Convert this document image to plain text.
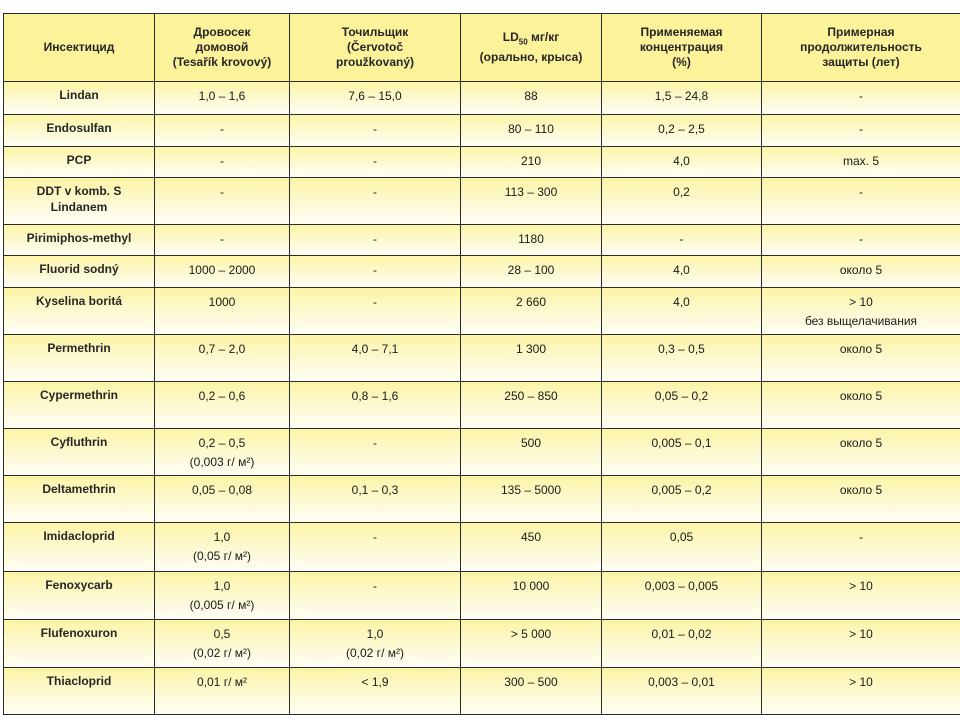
Инсектицид	Дровосек
домовой
(Tesařík krovový)	Точильщик
(Červotoč
proužkovaný)	$LD_{50}$ мг/кг
(орально, крыса)	Применяемая
концентрация
(%)	Примерная
продолжительность
защиты (лет)

Lindan	1,0 – 1,6	7,6 – 15,0	88	1,5 – 24,8	-

Endosulfan	-	-	80 – 110	0,2 – 2,5	-

PCP	-	-	210	4,0	max. 5

DDT v komb. S Lindanem	-	-	113 – 300	0,2	-

Pirimiphos-methyl	-	-	1180	-	-

Fluorid sodný	1000 – 2000	-	28 – 100	4,0	около 5

Kyselina boritá	1000	-	2 660	4,0	> 10
без выщелачивания

Permethrin	0,7 – 2,0	4,0 – 7,1	1 300	0,3 – 0,5	около 5

Cypermethrin	0,2 – 0,6	0,8 – 1,6	250 – 850	0,05 – 0,2	около 5

Cyfluthrin	0,2 – 0,5
(0,003 г/ м²)	-	500	0,005 – 0,1	около 5

Deltamethrin	0,05 – 0,08	0,1 – 0,3	135 – 5000	0,005 – 0,2	около 5

Imidacloprid	1,0
(0,05 г/ м²)	-	450	0,05	-

Fenoxycarb	1,0
(0,005 г/ м²)	-	10 000	0,003 – 0,005	> 10

Flufenoxuron	0,5
(0,02 г/ м²)	1,0
(0,02 г/ м²)	> 5 000	0,01 – 0,02	> 10

Thiacloprid	0,01 г/ м²	< 1,9	300 – 500	0,003 – 0,01	> 10
